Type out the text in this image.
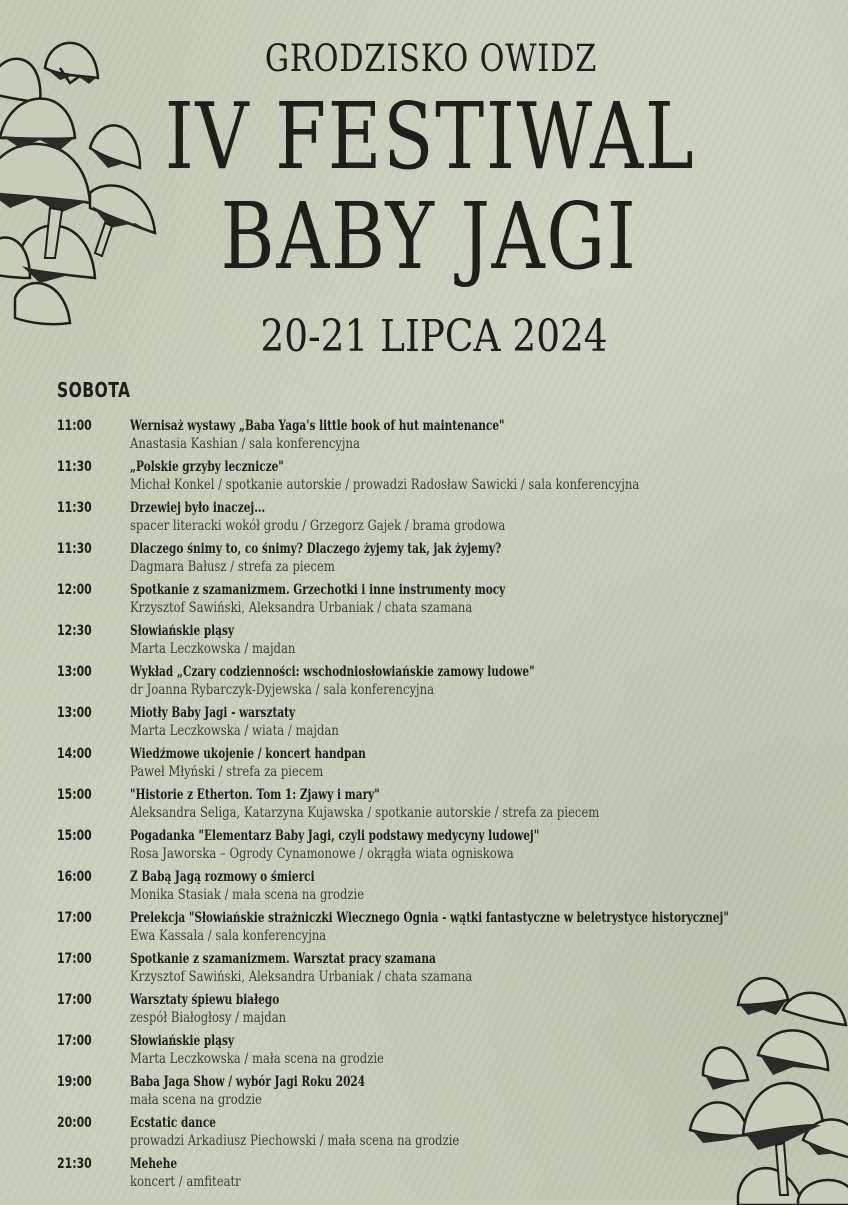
GRODZISKO OWIDZ
IV FESTIWAL
BABY JAGI
20-21 LIPCA 2024
SOBOTA
11:00	Wernisaż wystawy „Baba Yaga's little book of hut maintenance"
Anastasia Kashian / sala konferencyjna
11:30	„Polskie grzyby lecznicze"
Michał Konkel / spotkanie autorskie / prowadzi Radosław Sawicki / sala konferencyjna
11:30	Drzewiej było inaczej...
spacer literacki wokół grodu / Grzegorz Gajek / brama grodowa
11:30	Dlaczego śnimy to, co śnimy? Dlaczego żyjemy tak, jak żyjemy?
Dagmara Bałusz / strefa za piecem
12:00	Spotkanie z szamanizmem. Grzechotki i inne instrumenty mocy
Krzysztof Sawiński, Aleksandra Urbaniak / chata szamana
12:30	Słowiańskie pląsy
Marta Leczkowska / majdan
13:00	Wykład „Czary codzienności: wschodniosłowiańskie zamowy ludowe"
dr Joanna Rybarczyk-Dyjewska / sala konferencyjna
13:00	Miotły Baby Jagi - warsztaty
Marta Leczkowska / wiata / majdan
14:00	Wiedźmowe ukojenie / koncert handpan
Paweł Młyński / strefa za piecem
15:00	"Historie z Etherton. Tom 1: Zjawy i mary"
Aleksandra Seliga, Katarzyna Kujawska / spotkanie autorskie / strefa za piecem
15:00	Pogadanka "Elementarz Baby Jagi, czyli podstawy medycyny ludowej"
Rosa Jaworska – Ogrody Cynamonowe / okrągła wiata ogniskowa
16:00	Z Babą Jagą rozmowy o śmierci
Monika Stasiak / mała scena na grodzie
17:00	Prelekcja "Słowiańskie strażniczki Wiecznego Ognia - wątki fantastyczne w beletrystyce historycznej"
Ewa Kassala / sala konferencyjna
17:00	Spotkanie z szamanizmem. Warsztat pracy szamana
Krzysztof Sawiński, Aleksandra Urbaniak / chata szamana
17:00	Warsztaty śpiewu białego
zespół Białogłosy / majdan
17:00	Słowiańskie pląsy
Marta Leczkowska / mała scena na grodzie
19:00	Baba Jaga Show / wybór Jagi Roku 2024
mała scena na grodzie
20:00	Ecstatic dance
prowadzi Arkadiusz Piechowski / mała scena na grodzie
21:30	Mehehe
koncert / amfiteatr
